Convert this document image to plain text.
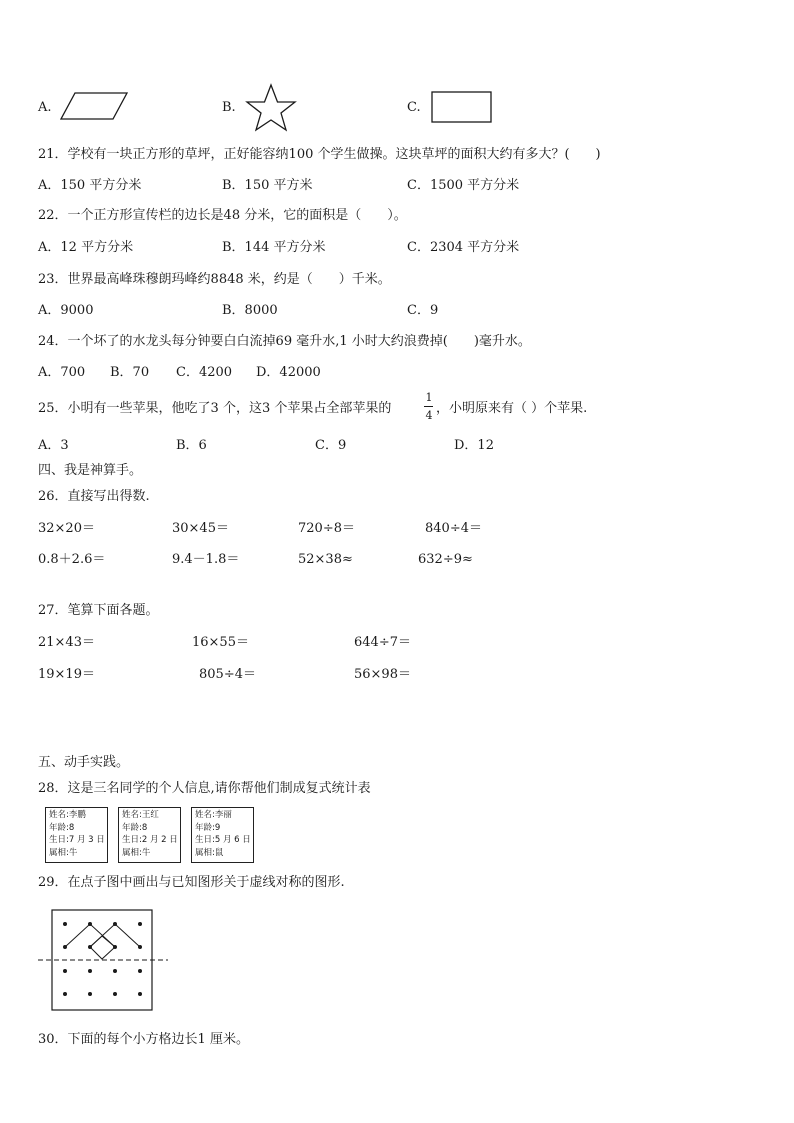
A.	B.	C.
21．学校有一块正方形的草坪，正好能容纳100 个学生做操。这块草坪的面积大约有多大？(　　)
A．150 平方分米	B．150 平方米	C．1500 平方分米
22．一个正方形宣传栏的边长是48 分米，它的面积是（　　）。
A．12 平方分米	B．144 平方分米	C．2304 平方分米
23．世界最高峰珠穆朗玛峰约8848 米，约是（　　）千米。
A．9000	B．8000	C．9
24．一个坏了的水龙头每分钟要白白流掉69 毫升水,1 小时大约浪费掉(　　)毫升水。
A．700 B．70 C．4200 D．42000
25．小明有一些苹果，他吃了3 个，这3 个苹果占全部苹果的
1
4 ，小明原来有（ ）个苹果.
A．3	B．6	C．9	D．12
四、我是神算手。
26．直接写出得数.
32×20＝	30×45＝	720÷8＝	840÷4＝
0.8＋2.6＝	9.4－1.8＝	52×38≈	632÷9≈
27．笔算下面各题。
21×43＝	16×55＝	644÷7＝
19×19＝	805÷4＝	56×98＝
五、动手实践。
28．这是三名同学的个人信息,请你帮他们制成复式统计表
姓名:李鹏
年龄:8
生日:7 月 3 日
属相:牛
姓名:王红
年龄:8
生日:2 月 2 日
属相:牛
姓名:李丽
年龄:9
生日:5 月 6 日
属相:鼠
29．在点子图中画出与已知图形关于虚线对称的图形.
30．下面的每个小方格边长1 厘米。
